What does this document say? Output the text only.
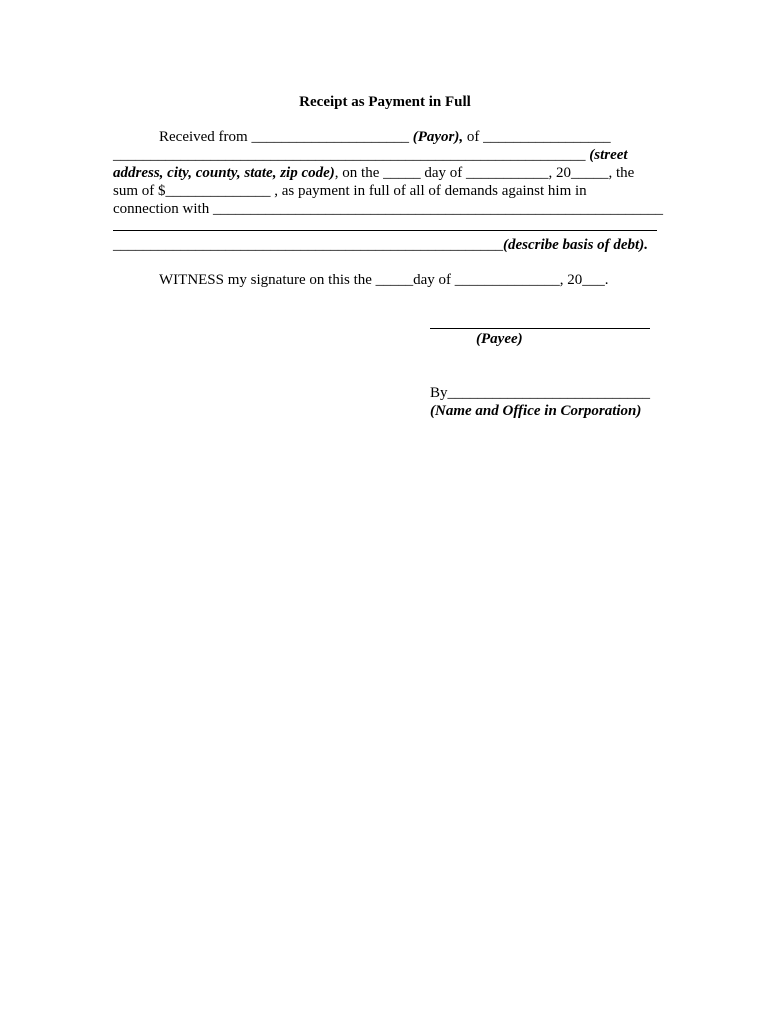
Receipt as Payment in Full
Received from _____________________ (Payor), of _________________
_______________________________________________________________ (street
address, city, county, state, zip code), on the _____ day of ___________, 20_____, the
sum of $______________ , as payment in full of all of demands against him in
connection with ____________________________________________________________
____________________________________________________(describe basis of debt).
WITNESS my signature on this the _____day of ______________, 20___.
(Payee)
By___________________________
(Name and Office in Corporation)
